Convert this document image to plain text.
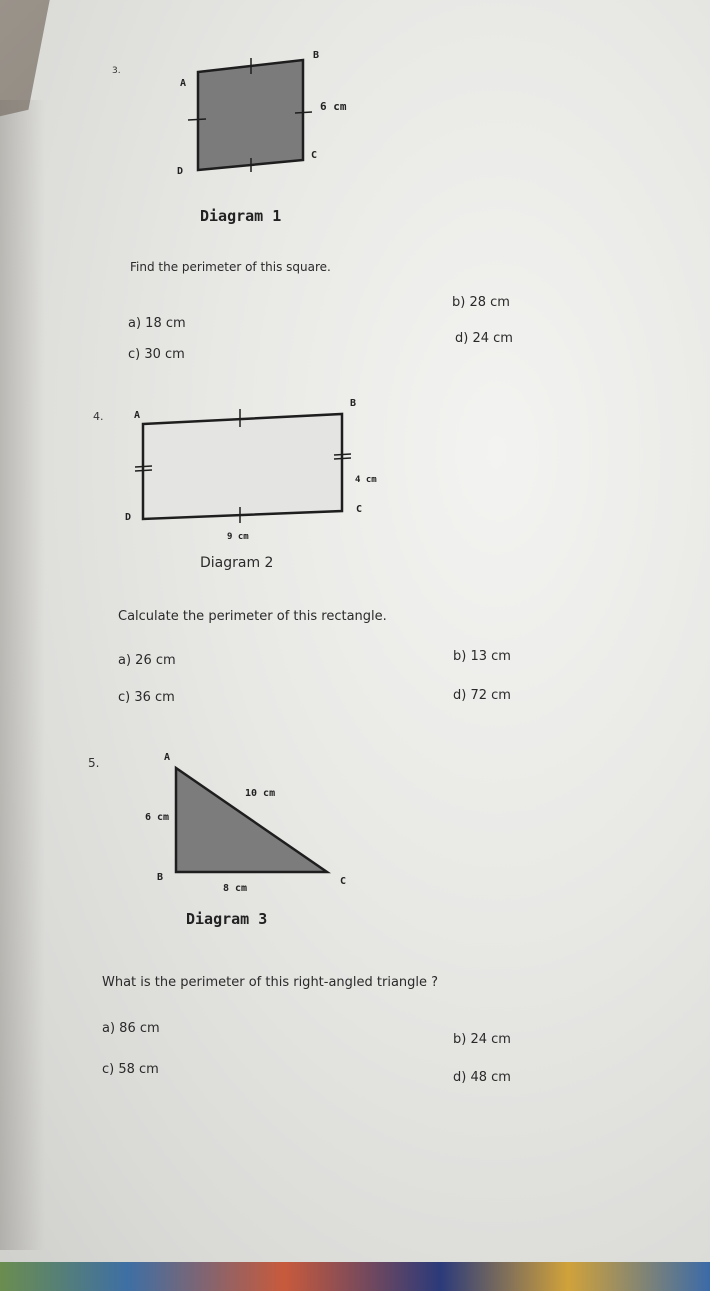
3.
A
B
C
D
6 cm
Diagram 1
Find the perimeter of this square.
b) 28 cm
a) 18 cm
d) 24 cm
c) 30 cm
4.	A
B
C
D
4 cm
9 cm
Diagram 2
Calculate the perimeter of this rectangle.
a) 26 cm	b) 13 cm
c) 36 cm	d) 72 cm
5.	A
B	C
10 cm
6 cm
8 cm
Diagram 3
What is the perimeter of this right-angled triangle ?
a) 86 cm
b) 24 cm
c) 58 cm
d) 48 cm
